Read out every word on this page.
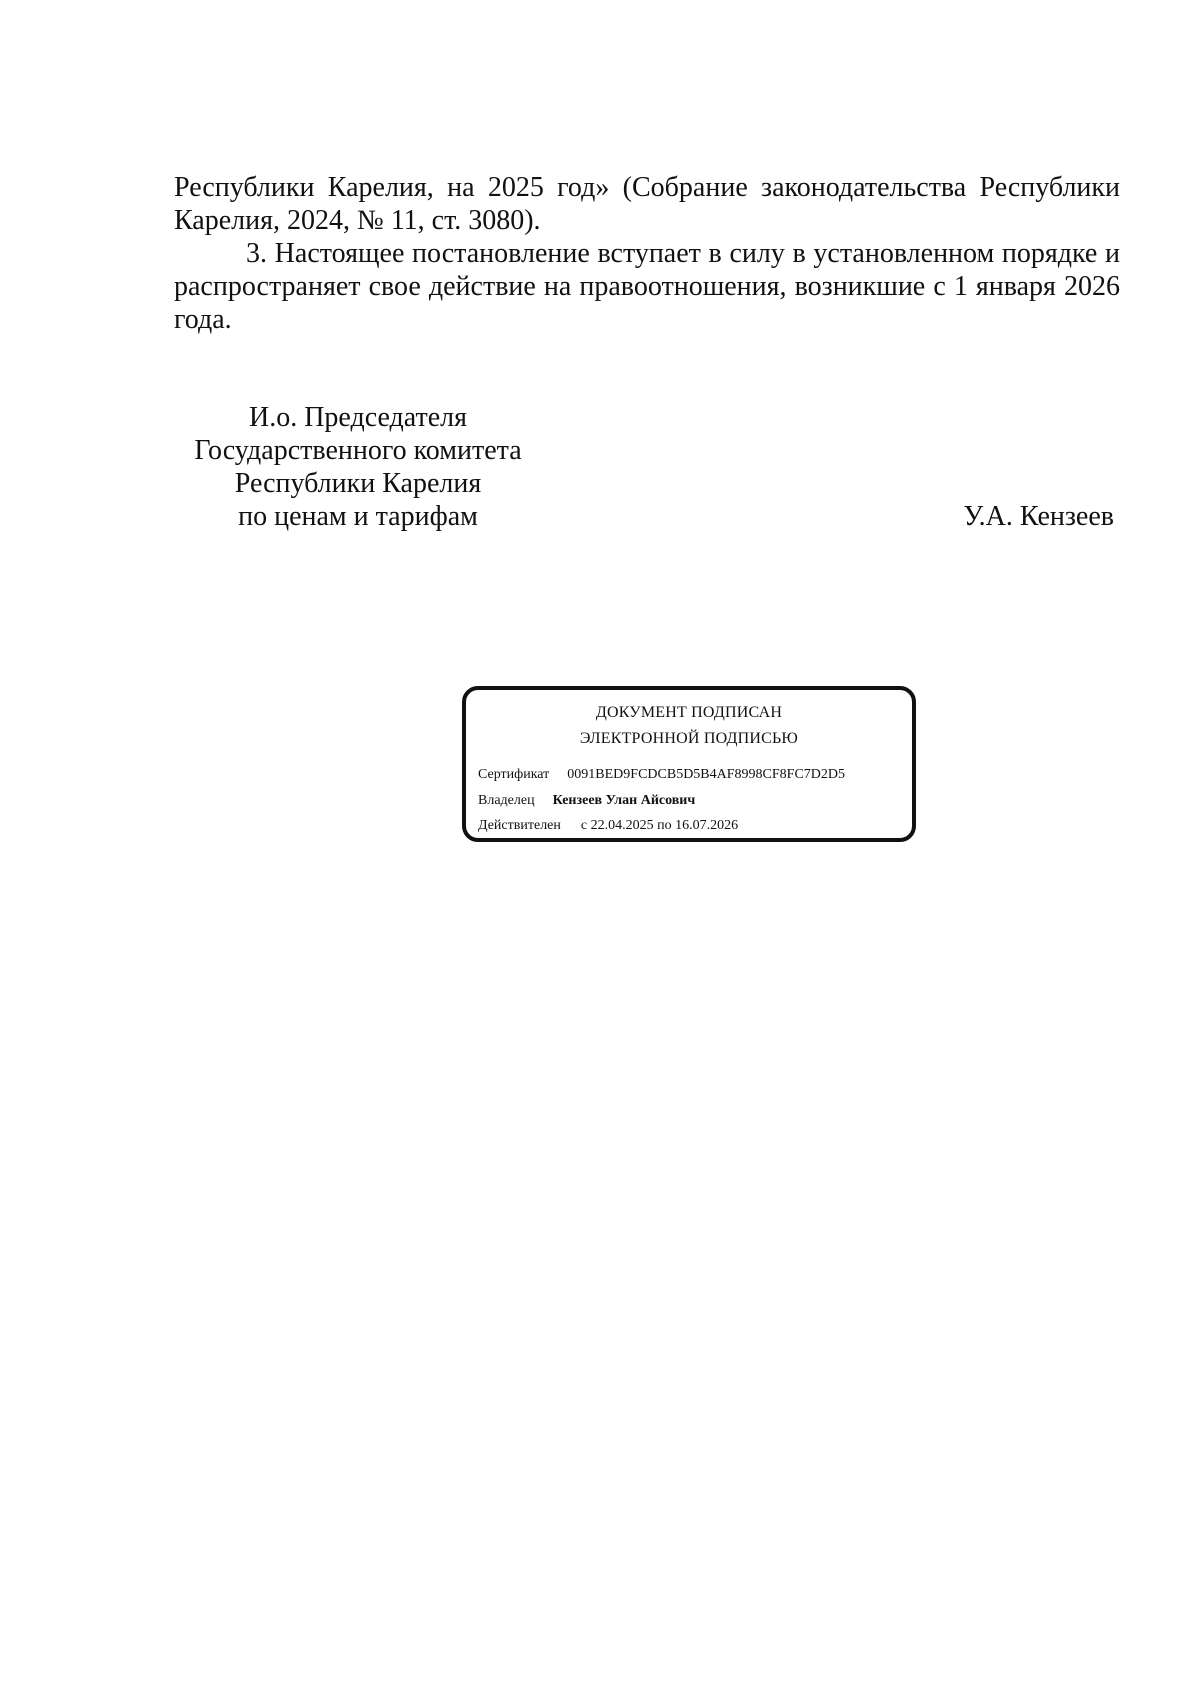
Республики Карелия, на 2025 год» (Собрание законодательства Республики Карелия, 2024, № 11, ст. 3080).

3. Настоящее постановление вступает в силу в установленном порядке и распространяет свое действие на правоотношения, возникшие с 1 января 2026 года.

И.о. Председателя
Государственного комитета
Республики Карелия
по ценам и тарифам	У.А. Кензеев
ДОКУМЕНТ ПОДПИСАН
ЭЛЕКТРОННОЙ ПОДПИСЬЮ
Сертификат 0091BED9FCDCB5D5B4AF8998CF8FC7D2D5
Владелец Кензеев Улан Айсович
Действителен с 22.04.2025 по 16.07.2026
